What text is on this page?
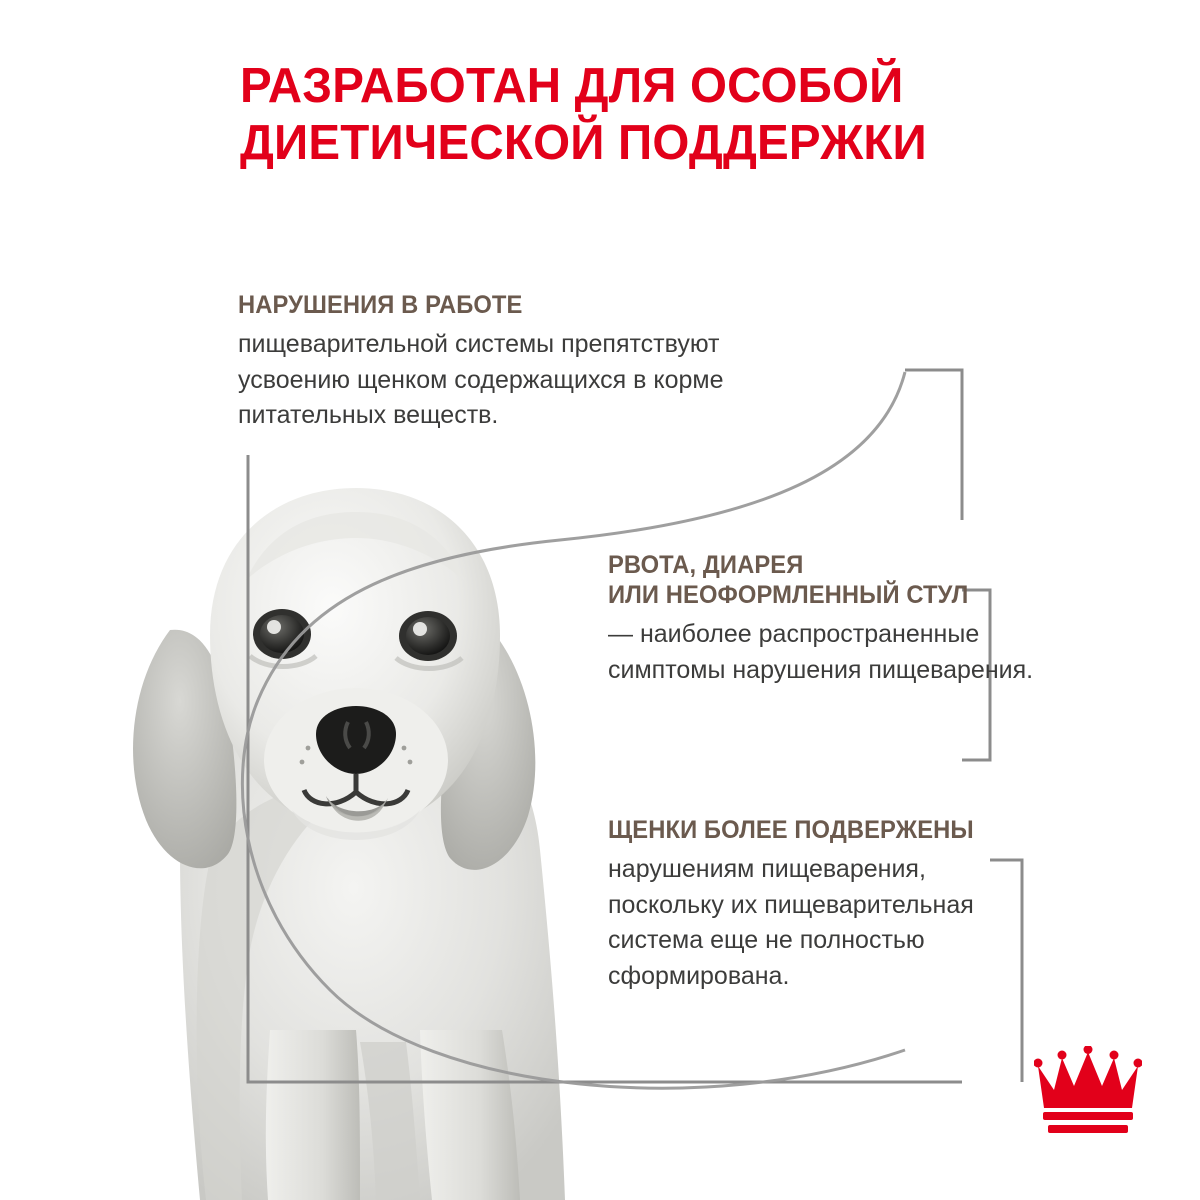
РАЗРАБОТАН ДЛЯ ОСОБОЙ
ДИЕТИЧЕСКОЙ ПОДДЕРЖКИ
НАРУШЕНИЯ В РАБОТЕ
пищеварительной системы препятствуют
усвоению щенком содержащихся в корме
питательных веществ.
РВОТА, ДИАРЕЯ
ИЛИ НЕОФОРМЛЕННЫЙ СТУЛ
— наиболее распространенные
симптомы нарушения пищеварения.
ЩЕНКИ БОЛЕЕ ПОДВЕРЖЕНЫ
нарушениям пищеварения,
поскольку их пищеварительная
система еще не полностью
сформирована.
